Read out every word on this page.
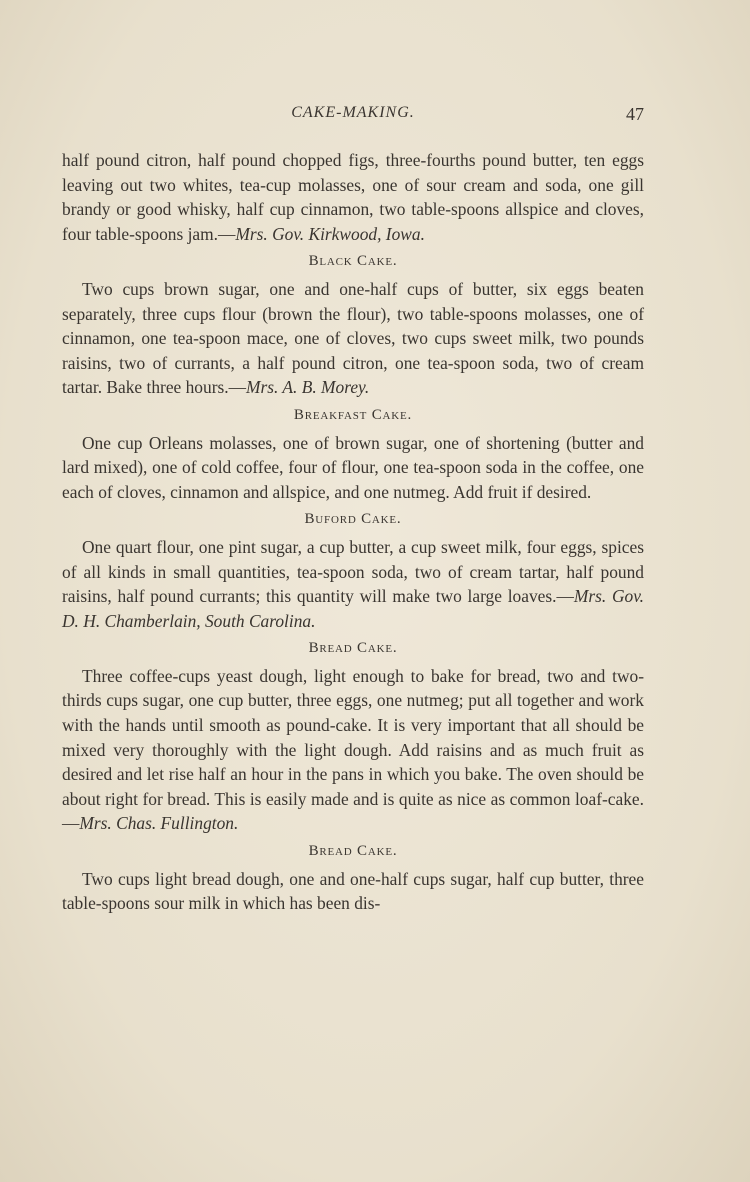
CAKE-MAKING.	47

half pound citron, half pound chopped figs, three-fourths pound butter, ten eggs leaving out two whites, tea-cup molasses, one of sour cream and soda, one gill brandy or good whisky, half cup cinnamon, two table-spoons allspice and cloves, four table-spoons jam.—Mrs. Gov. Kirkwood, Iowa.

Black Cake.

Two cups brown sugar, one and one-half cups of butter, six eggs beaten separately, three cups flour (brown the flour), two table-spoons molasses, one of cinnamon, one tea-spoon mace, one of cloves, two cups sweet milk, two pounds raisins, two of currants, a half pound citron, one tea-spoon soda, two of cream tartar. Bake three hours.—Mrs. A. B. Morey.

Breakfast Cake.

One cup Orleans molasses, one of brown sugar, one of shortening (butter and lard mixed), one of cold coffee, four of flour, one tea-spoon soda in the coffee, one each of cloves, cinnamon and allspice, and one nutmeg. Add fruit if desired.

Buford Cake.

One quart flour, one pint sugar, a cup butter, a cup sweet milk, four eggs, spices of all kinds in small quantities, tea-spoon soda, two of cream tartar, half pound raisins, half pound currants; this quantity will make two large loaves.—Mrs. Gov. D. H. Chamberlain, South Carolina.

Bread Cake.

Three coffee-cups yeast dough, light enough to bake for bread, two and two-thirds cups sugar, one cup butter, three eggs, one nutmeg; put all together and work with the hands until smooth as pound-cake. It is very important that all should be mixed very thoroughly with the light dough. Add raisins and as much fruit as desired and let rise half an hour in the pans in which you bake. The oven should be about right for bread. This is easily made and is quite as nice as common loaf-cake.—Mrs. Chas. Fullington.

Bread Cake.

Two cups light bread dough, one and one-half cups sugar, half cup butter, three table-spoons sour milk in which has been dis-
